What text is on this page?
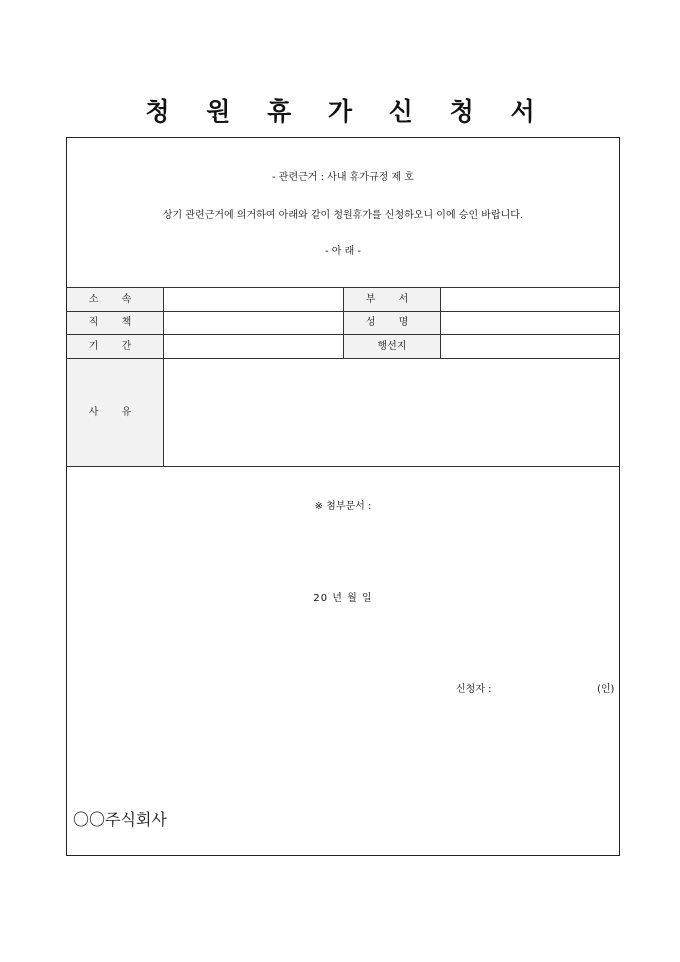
청 원 휴 가 신 청 서
- 관련근거 : 사내 휴가규정 제 호
상기 관련근거에 의거하여 아래와 같이 청원휴가를 신청하오니 이에 승인 바랍니다.
- 아 래 -
소 속
직 책
기 간
사 유
부 서
성 명
행선지
※ 첨부문서 :
20 년 월 일
신청자 :	(인)
〇〇주식회사
